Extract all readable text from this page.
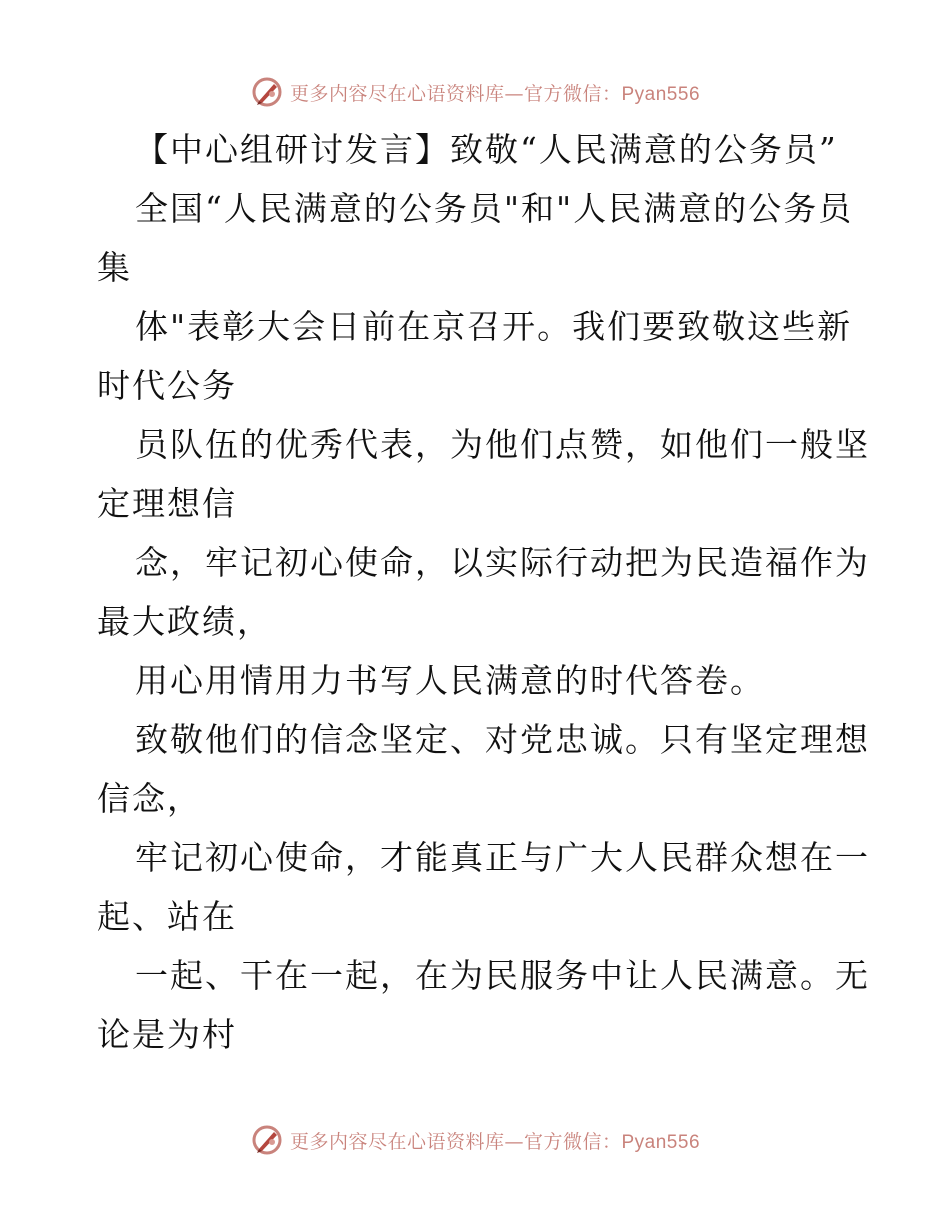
更多内容尽在心语资料库—官方微信：Pyan556
【中心组研讨发言】致敬“人民满意的公务员”
全国“人民满意的公务员"和"人民满意的公务员
集
体"表彰大会日前在京召开。我们要致敬这些新
时代公务
员队伍的优秀代表，为他们点赞，如他们一般坚
定理想信
念，牢记初心使命，以实际行动把为民造福作为
最大政绩，
用心用情用力书写人民满意的时代答卷。
致敬他们的信念坚定、对党忠诚。只有坚定理想
信念，
牢记初心使命，才能真正与广大人民群众想在一
起、站在
一起、干在一起，在为民服务中让人民满意。无
论是为村
更多内容尽在心语资料库—官方微信：Pyan556
